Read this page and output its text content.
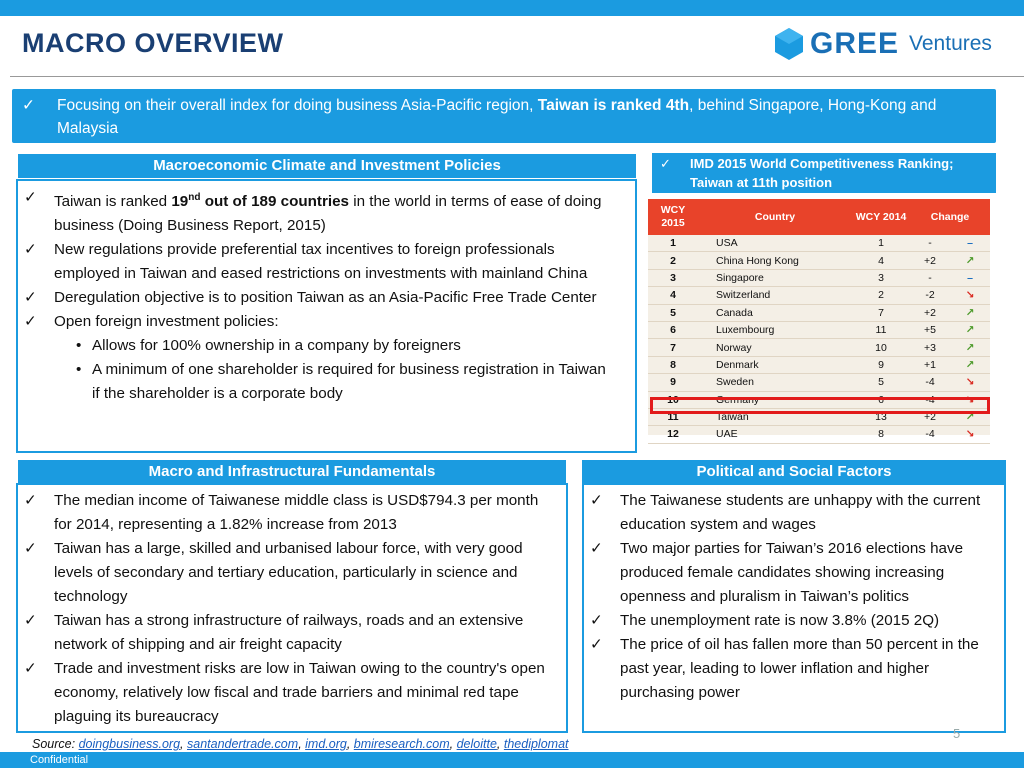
MACRO OVERVIEW	GREE Ventures
✓ Focusing on their overall index for doing business Asia-Pacific region, Taiwan is ranked 4th, behind Singapore, Hong-Kong and Malaysia
Macroeconomic Climate and Investment Policies
✓ Taiwan is ranked 19nd out of 189 countries in the world in terms of ease of doing business (Doing Business Report, 2015)
✓ New regulations provide preferential tax incentives to foreign professionals employed in Taiwan and eased restrictions on investments with mainland China
✓ Deregulation objective is to position Taiwan as an Asia-Pacific Free Trade Center
✓ Open foreign investment policies:
• Allows for 100% ownership in a company by foreigners
• A minimum of one shareholder is required for business registration in Taiwan if the shareholder is a corporate body
✓ IMD 2015 World Competitiveness Ranking; Taiwan at 11th position
WCY 2015	Country	WCY 2014	Change	
1	USA	1	-	–
2	China Hong Kong	4	+2	↗
3	Singapore	3	-	–
4	Switzerland	2	-2	↘
5	Canada	7	+2	↗
6	Luxembourg	11	+5	↗
7	Norway	10	+3	↗
8	Denmark	9	+1	↗
9	Sweden	5	-4	↘
10	Germany	6	-4	↘
11	Taiwan	13	+2	↗
12	UAE	8	-4	↘
Macro and Infrastructural Fundamentals
✓ The median income of Taiwanese middle class is USD$794.3 per month for 2014, representing a 1.82% increase from 2013
✓ Taiwan has a large, skilled and urbanised labour force, with very good levels of secondary and tertiary education, particularly in science and technology
✓ Taiwan has a strong infrastructure of railways, roads and an extensive network of shipping and air freight capacity
✓ Trade and investment risks are low in Taiwan owing to the country's open economy, relatively low fiscal and trade barriers and minimal red tape plaguing its bureaucracy
Political and Social Factors
✓ The Taiwanese students are unhappy with the current education system and wages
✓ Two major parties for Taiwan’s 2016 elections have produced female candidates showing increasing openness and pluralism in Taiwan’s politics
✓ The unemployment rate is now 3.8% (2015 2Q)
✓ The price of oil has fallen more than 50 percent in the past year, leading to lower inflation and higher purchasing power
5
Source: doingbusiness.org, santandertrade.com, imd.org, bmiresearch.com, deloitte, thediplomat
Confidential
